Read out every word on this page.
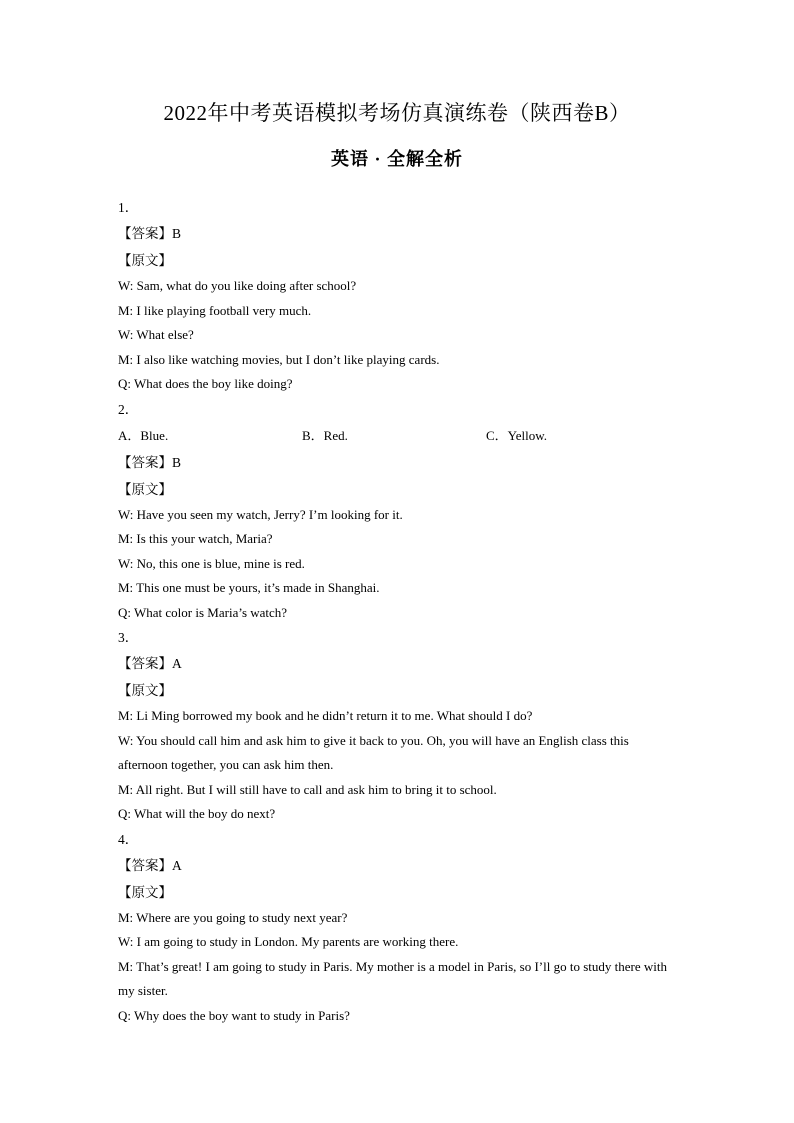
2022年中考英语模拟考场仿真演练卷（陕西卷B）
英语 · 全解全析
1．
【答案】B
【原文】
W: Sam, what do you like doing after school?
M: I like playing football very much.
W: What else?
M: I also like watching movies, but I don’t like playing cards.
Q: What does the boy like doing?
2．
A．Blue.	B．Red.	C．Yellow.
【答案】B
【原文】
W: Have you seen my watch, Jerry? I’m looking for it.
M: Is this your watch, Maria?
W: No, this one is blue, mine is red.
M: This one must be yours, it’s made in Shanghai.
Q: What color is Maria’s watch?
3．
【答案】A
【原文】
M: Li Ming borrowed my book and he didn’t return it to me. What should I do?
W: You should call him and ask him to give it back to you. Oh, you will have an English class this afternoon together, you can ask him then.
M: All right. But I will still have to call and ask him to bring it to school.
Q: What will the boy do next?
4．
【答案】A
【原文】
M: Where are you going to study next year?
W: I am going to study in London. My parents are working there.
M: That’s great! I am going to study in Paris. My mother is a model in Paris, so I’ll go to study there with my sister.
Q: Why does the boy want to study in Paris?
